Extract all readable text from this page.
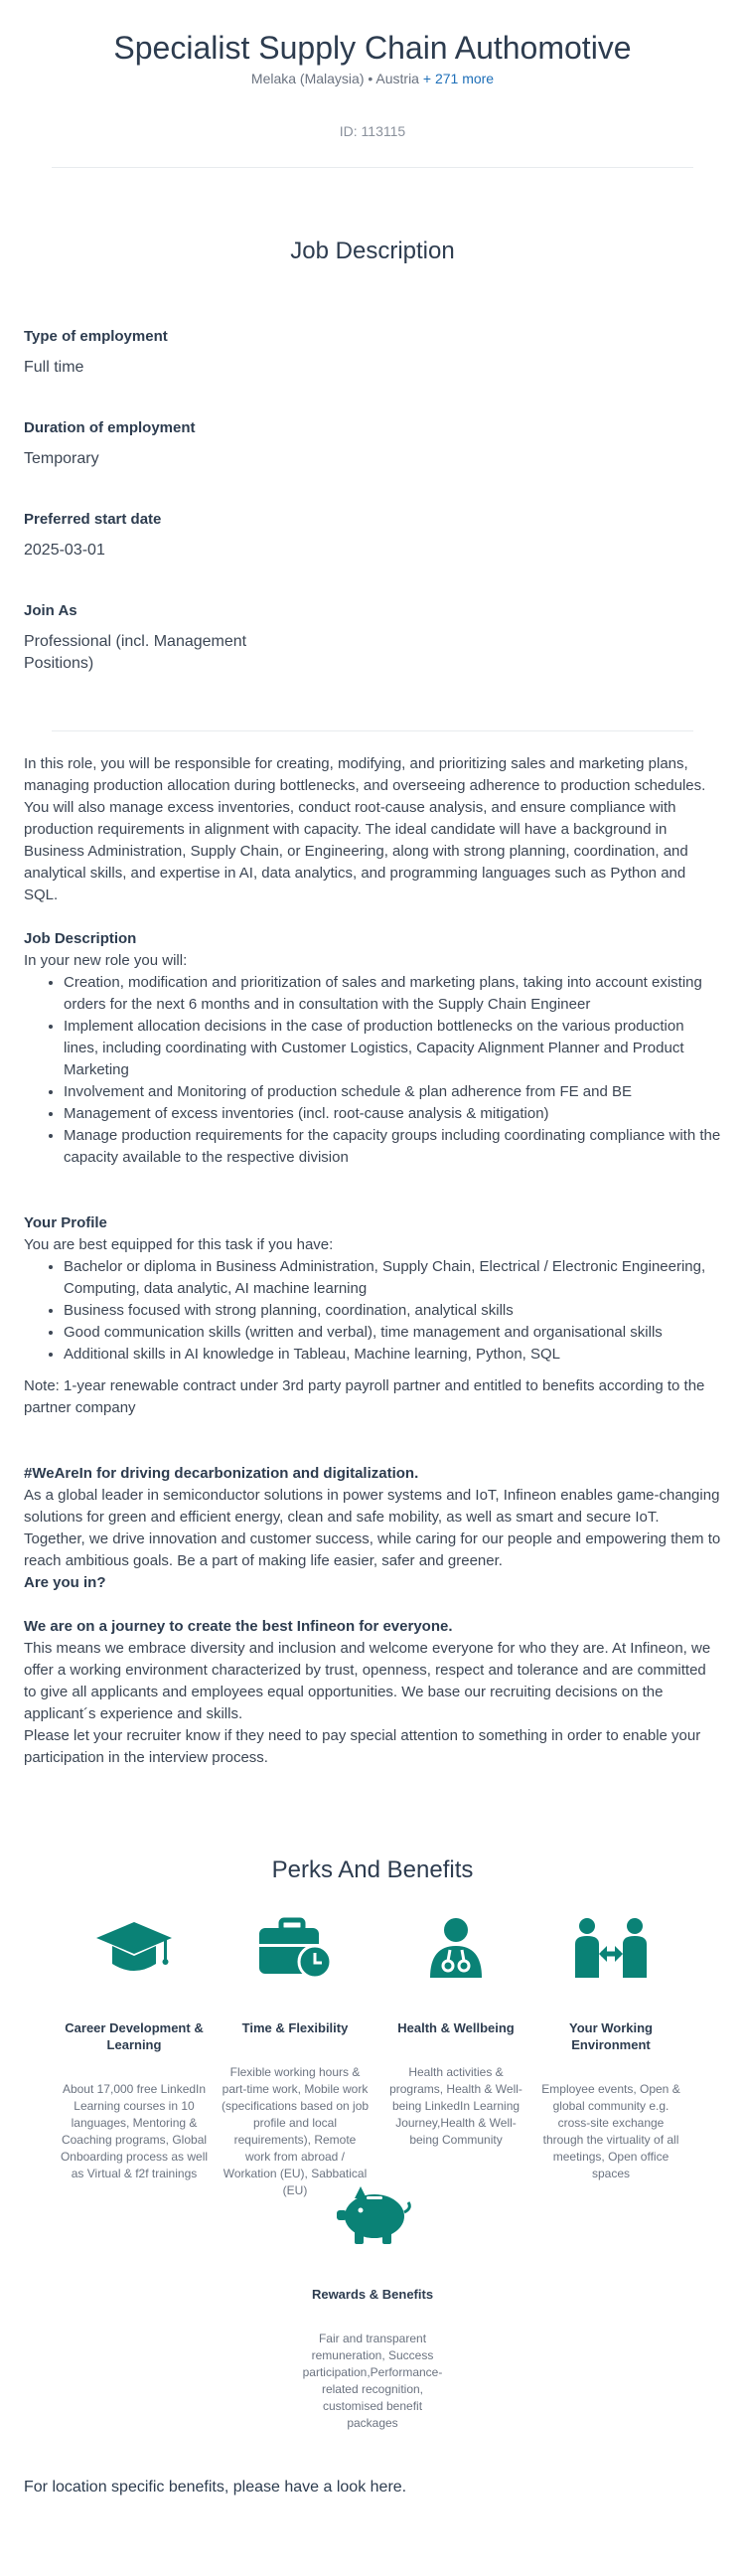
Specialist Supply Chain Authomotive
Melaka (Malaysia) • Austria + 271 more
ID: 113115
Job Description
Type of employment
Full time
Duration of employment
Temporary
Preferred start date
2025-03-01
Join As
Professional (incl. Management Positions)

In this role, you will be responsible for creating, modifying, and prioritizing sales and marketing plans, managing production allocation during bottlenecks, and overseeing adherence to production schedules. You will also manage excess inventories, conduct root-cause analysis, and ensure compliance with production requirements in alignment with capacity. The ideal candidate will have a background in Business Administration, Supply Chain, or Engineering, along with strong planning, coordination, and analytical skills, and expertise in AI, data analytics, and programming languages such as Python and SQL.

Job Description

In your new role you will:

• Creation, modification and prioritization of sales and marketing plans, taking into account existing orders for the next 6 months and in consultation with the Supply Chain Engineer
• Implement allocation decisions in the case of production bottlenecks on the various production lines, including coordinating with Customer Logistics, Capacity Alignment Planner and Product Marketing
• Involvement and Monitoring of production schedule & plan adherence from FE and BE
• Management of excess inventories (incl. root-cause analysis & mitigation)
• Manage production requirements for the capacity groups including coordinating compliance with the capacity available to the respective division

Your Profile

You are best equipped for this task if you have:

• Bachelor or diploma in Business Administration, Supply Chain, Electrical / Electronic Engineering, Computing, data analytic, AI machine learning
• Business focused with strong planning, coordination, analytical skills
• Good communication skills (written and verbal), time management and organisational skills
• Additional skills in AI knowledge in Tableau, Machine learning, Python, SQL

Note: 1-year renewable contract under 3rd party payroll partner and entitled to benefits according to the partner company

#WeAreIn for driving decarbonization and digitalization.

As a global leader in semiconductor solutions in power systems and IoT, Infineon enables game-changing solutions for green and efficient energy, clean and safe mobility, as well as smart and secure IoT. Together, we drive innovation and customer success, while caring for our people and empowering them to reach ambitious goals. Be a part of making life easier, safer and greener.

Are you in?

We are on a journey to create the best Infineon for everyone.

This means we embrace diversity and inclusion and welcome everyone for who they are. At Infineon, we offer a working environment characterized by trust, openness, respect and tolerance and are committed to give all applicants and employees equal opportunities. We base our recruiting decisions on the applicant´s experience and skills.

Please let your recruiter know if they need to pay special attention to something in order to enable your participation in the interview process.

Perks And Benefits
Career Development & Learning
About 17,000 free LinkedIn Learning courses in 10 languages, Mentoring & Coaching programs, Global Onboarding process as well as Virtual & f2f trainings
Time & Flexibility
Flexible working hours & part-time work, Mobile work (specifications based on job profile and local requirements), Remote work from abroad / Workation (EU), Sabbatical (EU)
Health & Wellbeing
Health activities & programs, Health & Well-being LinkedIn Learning Journey,Health & Well-being Community
Your Working Environment
Employee events, Open & global community e.g. cross-site exchange through the virtuality of all meetings, Open office spaces
Rewards & Benefits
Fair and transparent remuneration, Success participation,Performance-related recognition, customised benefit packages
For location specific benefits, please have a look here.
